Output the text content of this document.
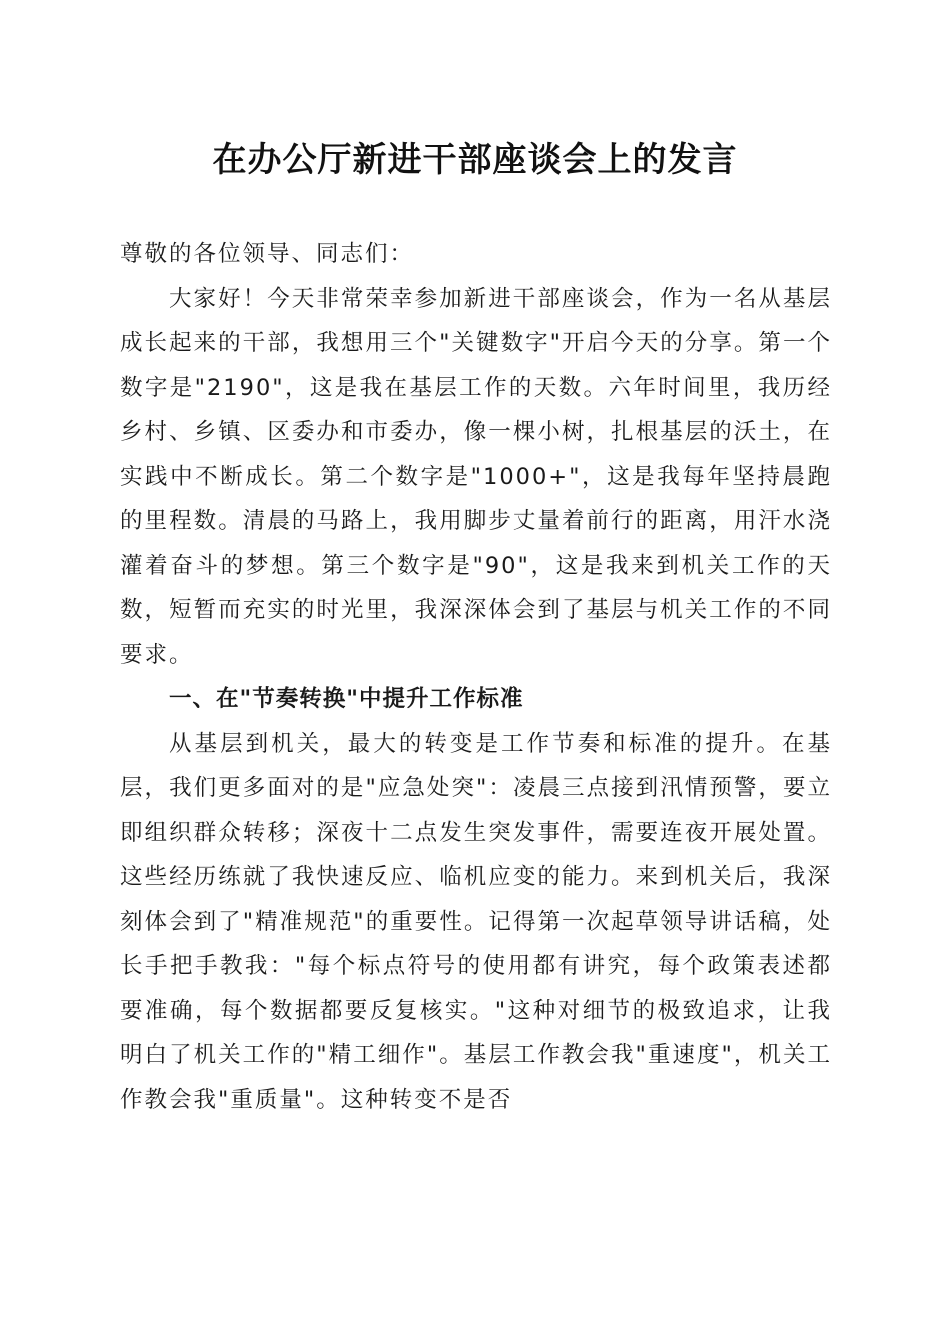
在办公厅新进干部座谈会上的发言

尊敬的各位领导、同志们：

大家好！今天非常荣幸参加新进干部座谈会，作为一名从基层成长起来的干部，我想用三个"关键数字"开启今天的分享。第一个数字是"2190"，这是我在基层工作的天数。六年时间里，我历经乡村、乡镇、区委办和市委办，像一棵小树，扎根基层的沃土，在实践中不断成长。第二个数字是"1000+"，这是我每年坚持晨跑的里程数。清晨的马路上，我用脚步丈量着前行的距离，用汗水浇灌着奋斗的梦想。第三个数字是"90"，这是我来到机关工作的天数，短暂而充实的时光里，我深深体会到了基层与机关工作的不同要求。

一、在"节奏转换"中提升工作标准

从基层到机关，最大的转变是工作节奏和标准的提升。在基层，我们更多面对的是"应急处突"：凌晨三点接到汛情预警，要立即组织群众转移；深夜十二点发生突发事件，需要连夜开展处置。这些经历练就了我快速反应、临机应变的能力。来到机关后，我深刻体会到了"精准规范"的重要性。记得第一次起草领导讲话稿，处长手把手教我："每个标点符号的使用都有讲究，每个政策表述都要准确，每个数据都要反复核实。"这种对细节的极致追求，让我明白了机关工作的"精工细作"。基层工作教会我"重速度"，机关工作教会我"重质量"。这种转变不是否
